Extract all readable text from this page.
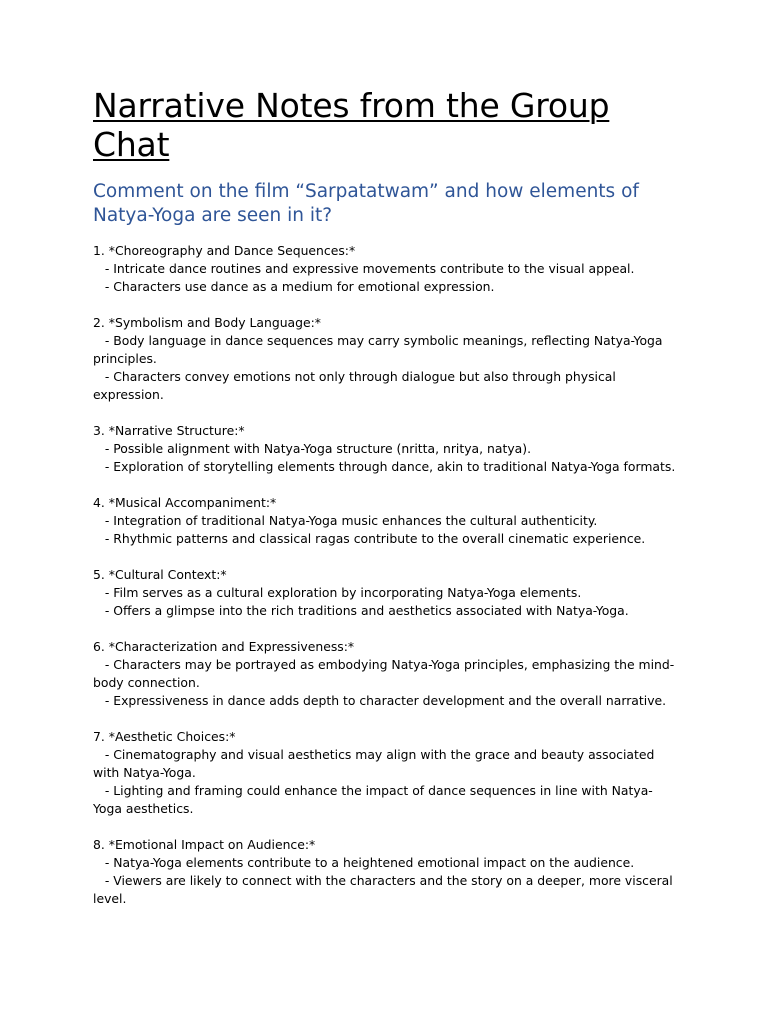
Narrative Notes from the Group Chat
Comment on the film “Sarpatatwam” and how elements of Natya-Yoga are seen in it?

1. *Choreography and Dance Sequences:*

- Intricate dance routines and expressive movements contribute to the visual appeal.

- Characters use dance as a medium for emotional expression.

2. *Symbolism and Body Language:*

- Body language in dance sequences may carry symbolic meanings, reflecting Natya-Yoga principles.

- Characters convey emotions not only through dialogue but also through physical expression.

3. *Narrative Structure:*

- Possible alignment with Natya-Yoga structure (nritta, nritya, natya).

- Exploration of storytelling elements through dance, akin to traditional Natya-Yoga formats.

4. *Musical Accompaniment:*

- Integration of traditional Natya-Yoga music enhances the cultural authenticity.

- Rhythmic patterns and classical ragas contribute to the overall cinematic experience.

5. *Cultural Context:*

- Film serves as a cultural exploration by incorporating Natya-Yoga elements.

- Offers a glimpse into the rich traditions and aesthetics associated with Natya-Yoga.

6. *Characterization and Expressiveness:*

- Characters may be portrayed as embodying Natya-Yoga principles, emphasizing the mind-body connection.

- Expressiveness in dance adds depth to character development and the overall narrative.

7. *Aesthetic Choices:*

- Cinematography and visual aesthetics may align with the grace and beauty associated with Natya-Yoga.

- Lighting and framing could enhance the impact of dance sequences in line with Natya-Yoga aesthetics.

8. *Emotional Impact on Audience:*

- Natya-Yoga elements contribute to a heightened emotional impact on the audience.

- Viewers are likely to connect with the characters and the story on a deeper, more visceral level.
